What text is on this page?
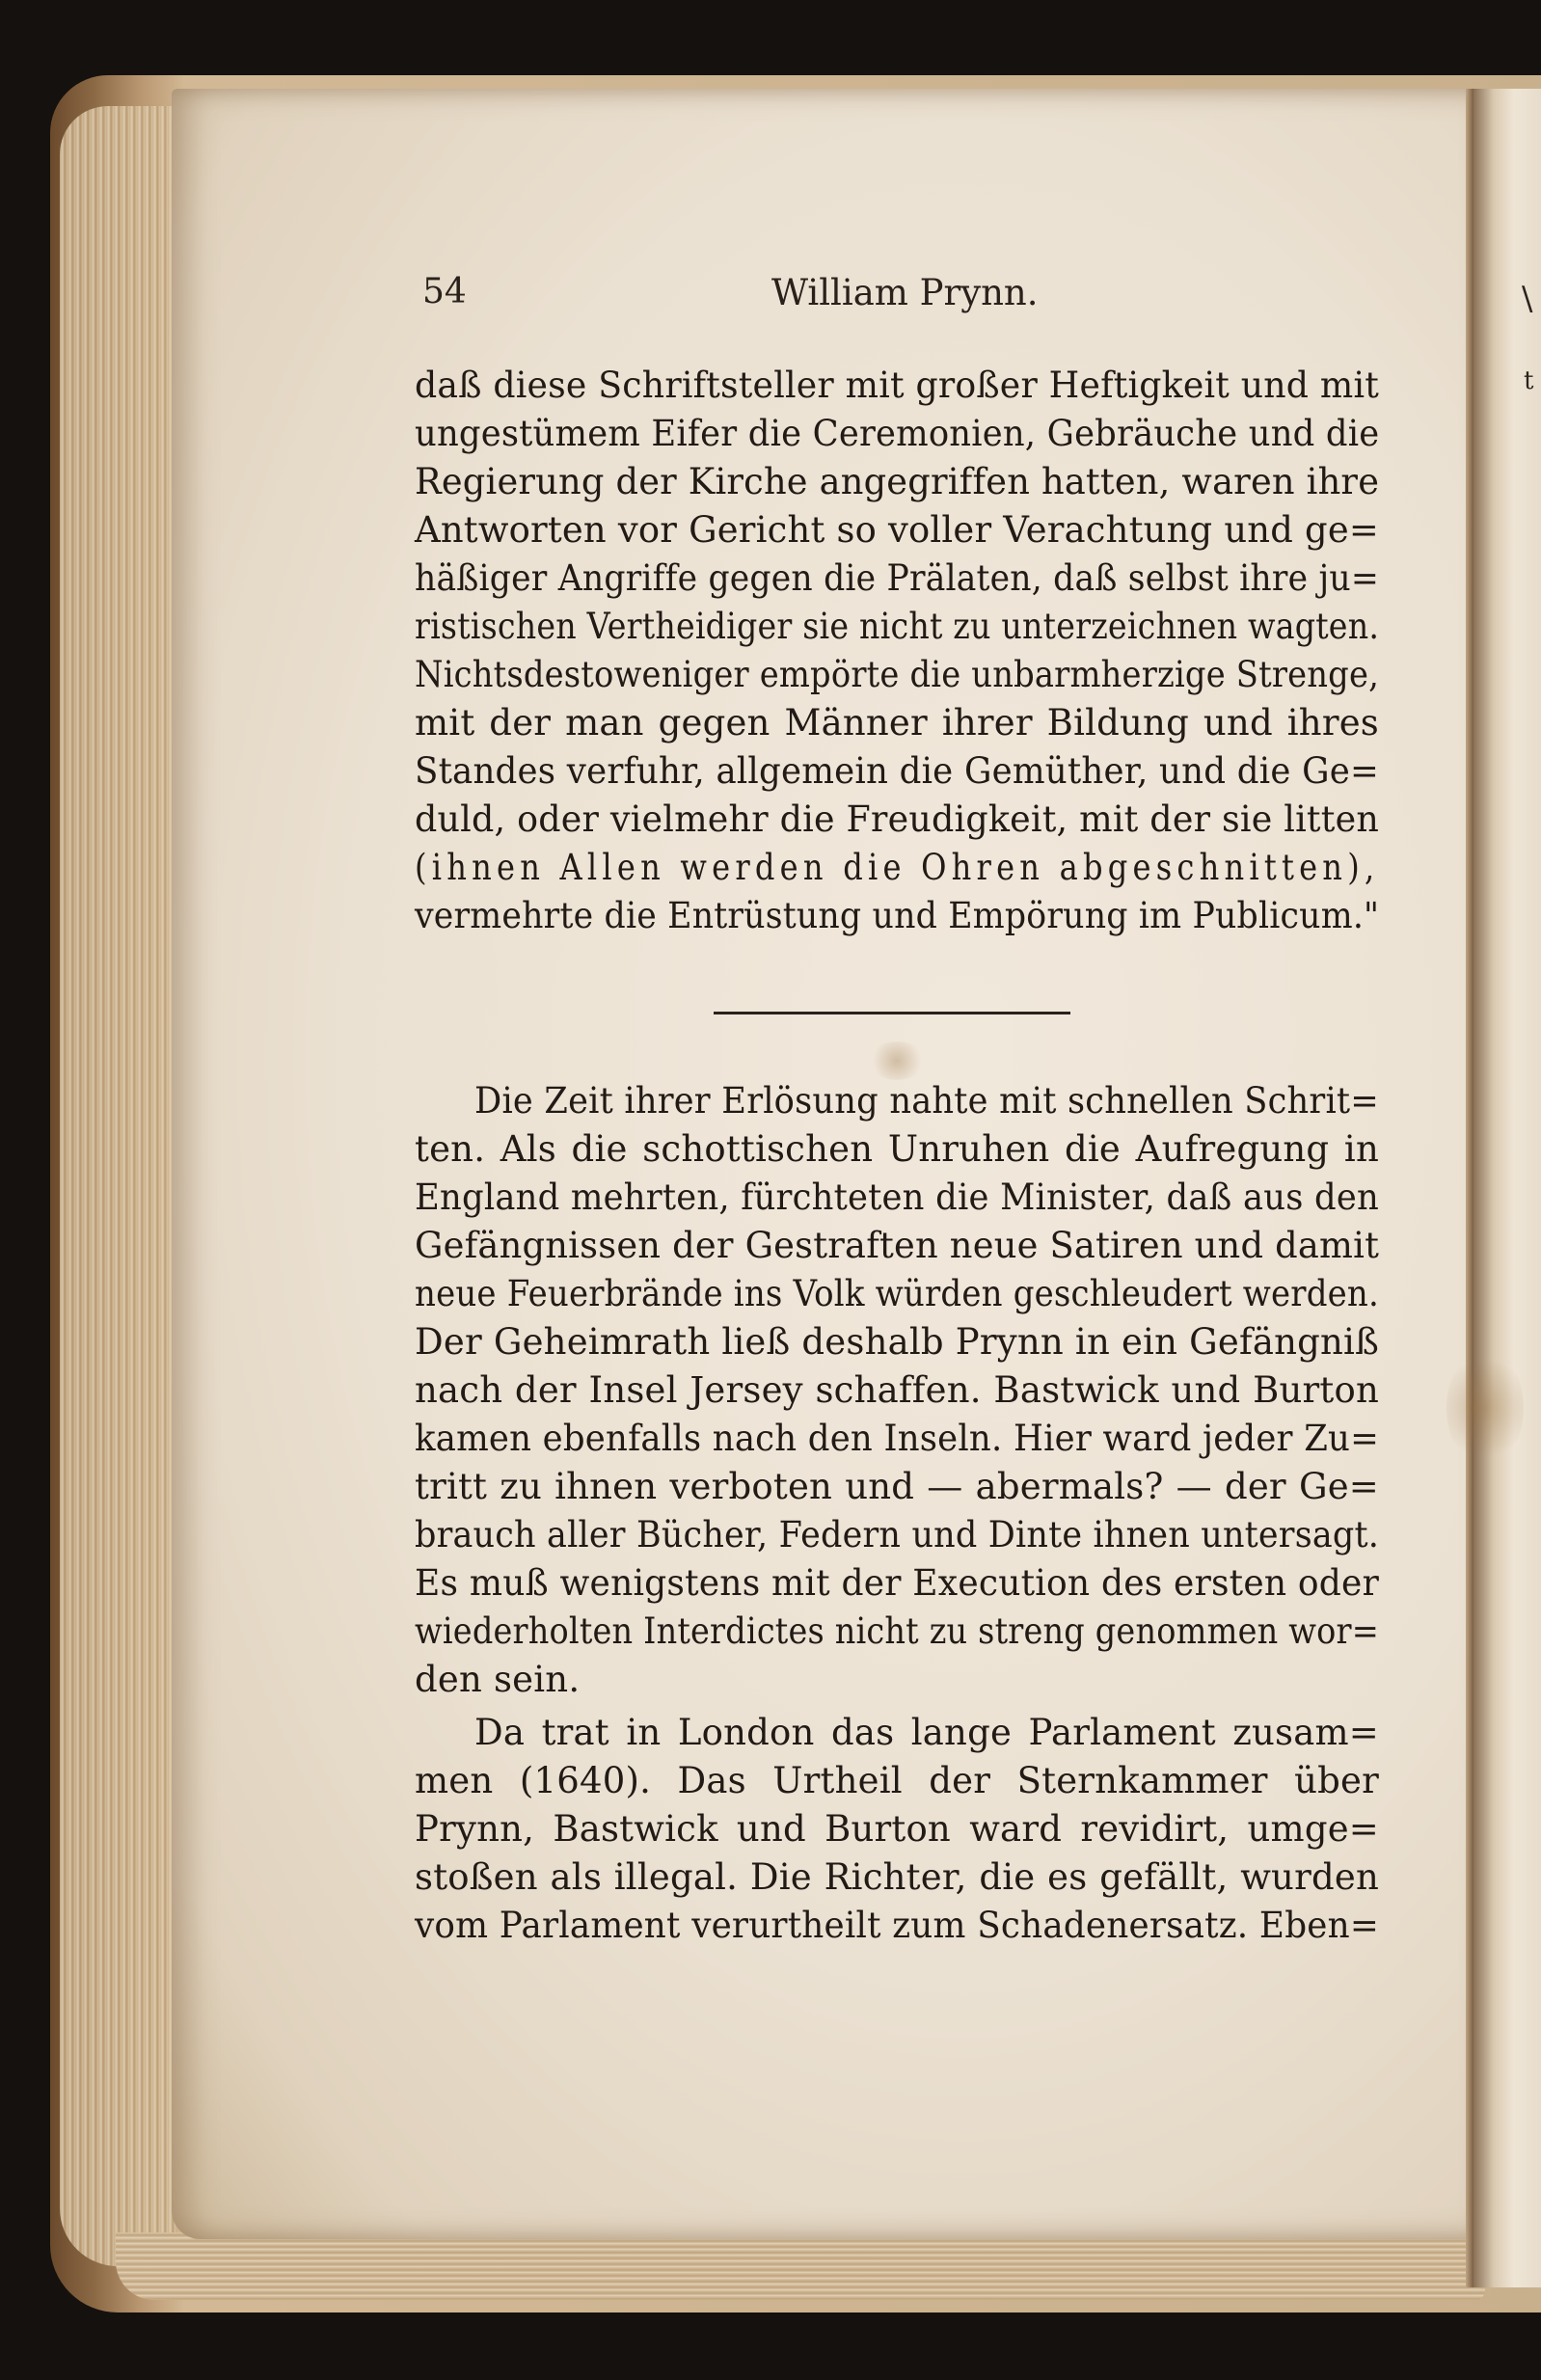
\
t
54	William Prynn.
daß diese Schriftsteller mit großer Heftigkeit und mit
ungestümem Eifer die Ceremonien, Gebräuche und die
Regierung der Kirche angegriffen hatten, waren ihre
Antworten vor Gericht so voller Verachtung und ge=
häßiger Angriffe gegen die Prälaten, daß selbst ihre ju=
ristischen Vertheidiger sie nicht zu unterzeichnen wagten.
Nichtsdestoweniger empörte die unbarmherzige Strenge,
mit der man gegen Männer ihrer Bildung und ihres
Standes verfuhr, allgemein die Gemüther, und die Ge=
duld, oder vielmehr die Freudigkeit, mit der sie litten
(ihnen Allen werden die Ohren abgeschnitten),
vermehrte die Entrüstung und Empörung im Publicum."
Die Zeit ihrer Erlösung nahte mit schnellen Schrit=
ten. Als die schottischen Unruhen die Aufregung in
England mehrten, fürchteten die Minister, daß aus den
Gefängnissen der Gestraften neue Satiren und damit
neue Feuerbrände ins Volk würden geschleudert werden.
Der Geheimrath ließ deshalb Prynn in ein Gefängniß
nach der Insel Jersey schaffen. Bastwick und Burton
kamen ebenfalls nach den Inseln. Hier ward jeder Zu=
tritt zu ihnen verboten und — abermals? — der Ge=
brauch aller Bücher, Federn und Dinte ihnen untersagt.
Es muß wenigstens mit der Execution des ersten oder
wiederholten Interdictes nicht zu streng genommen wor=
den sein.
Da trat in London das lange Parlament zusam=
men (1640). Das Urtheil der Sternkammer über
Prynn, Bastwick und Burton ward revidirt, umge=
stoßen als illegal. Die Richter, die es gefällt, wurden
vom Parlament verurtheilt zum Schadenersatz. Eben=
